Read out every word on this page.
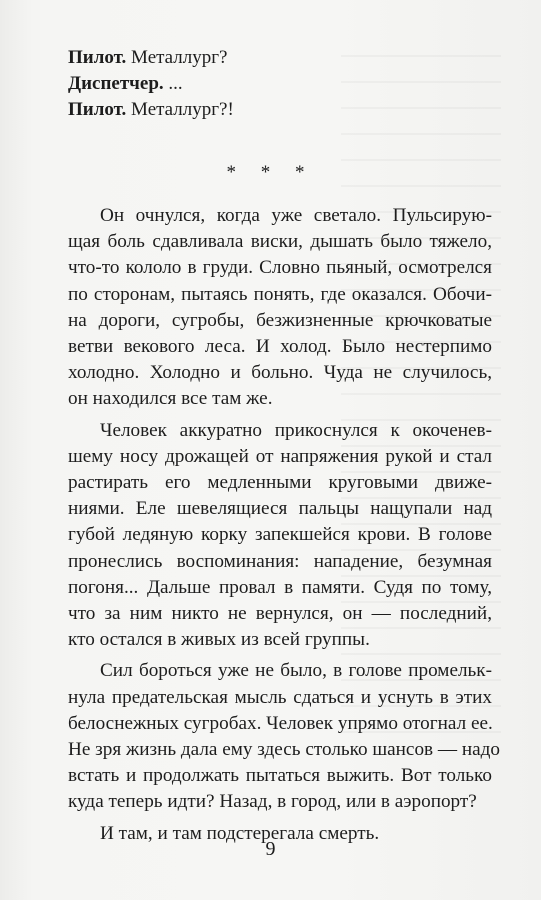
Пилот. Металлург?
Диспетчер. ...
Пилот. Металлург?!
* * *
Он очнулся, когда уже светало. Пульсирую-
щая боль сдавливала виски, дышать было тяжело,
что-то кололо в груди. Словно пьяный, осмотрелся
по сторонам, пытаясь понять, где оказался. Обочи-
на дороги, сугробы, безжизненные крючковатые
ветви векового леса. И холод. Было нестерпимо
холодно. Холодно и больно. Чуда не случилось,
он находился все там же.
Человек аккуратно прикоснулся к окоченев-
шему носу дрожащей от напряжения рукой и стал
растирать его медленными круговыми движе-
ниями. Еле шевелящиеся пальцы нащупали над
губой ледяную корку запекшейся крови. В голове
пронеслись воспоминания: нападение, безумная
погоня... Дальше провал в памяти. Судя по тому,
что за ним никто не вернулся, он — последний,
кто остался в живых из всей группы.
Сил бороться уже не было, в голове промельк-
нула предательская мысль сдаться и уснуть в этих
белоснежных сугробах. Человек упрямо отогнал ее.
Не зря жизнь дала ему здесь столько шансов — надо
встать и продолжать пытаться выжить. Вот только
куда теперь идти? Назад, в город, или в аэропорт?
И там, и там подстерегала смерть.
9
